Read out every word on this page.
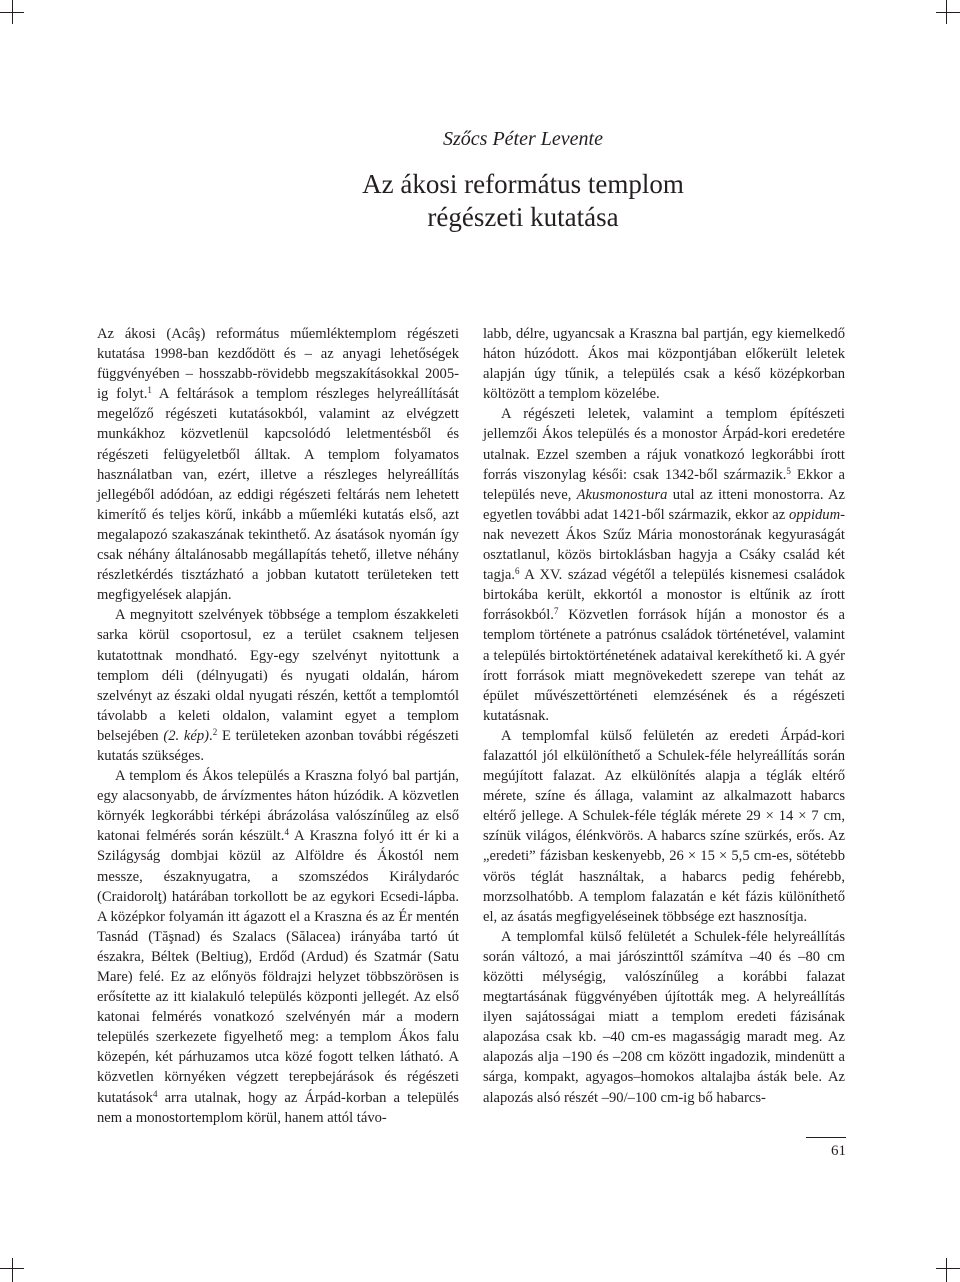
Szőcs Péter Levente
Az ákosi református templom
régészeti kutatása

Az ákosi (Acâş) református műemléktemplom régészeti kutatása 1998-ban kezdődött és – az anyagi lehetőségek függvényében – hosszabb-rövidebb megszakításokkal 2005-ig folyt.$^1$ A feltárások a templom részleges helyreállítását megelőző régészeti kutatásokból, valamint az elvégzett munkákhoz közvetlenül kapcsolódó leletmentésből és régészeti felügyeletből álltak. A templom folyamatos használatban van, ezért, illetve a részleges helyreállítás jellegéből adódóan, az eddigi régészeti feltárás nem lehetett kimerítő és teljes körű, inkább a műemléki kutatás első, azt megalapozó szakaszának tekinthető. Az ásatások nyomán így csak néhány általánosabb megállapítás tehető, illetve néhány részletkérdés tisztázható a jobban kutatott területeken tett megfigyelések alapján.

A megnyitott szelvények többsége a templom északkeleti sarka körül csoportosul, ez a terület csaknem teljesen kutatottnak mondható. Egy-egy szelvényt nyitottunk a templom déli (délnyugati) és nyugati oldalán, három szelvényt az északi oldal nyugati részén, kettőt a templomtól távolabb a keleti oldalon, valamint egyet a templom belsejében (2. kép).$^2$ E területeken azonban további régészeti kutatás szükséges.

A templom és Ákos település a Kraszna folyó bal partján, egy alacsonyabb, de árvízmentes háton húzódik. A közvetlen környék legkorábbi térképi ábrázolása valószínűleg az első katonai felmérés során készült.$^4$ A Kraszna folyó itt ér ki a Szilágyság dombjai közül az Alföldre és Ákostól nem messze, északnyugatra, a szomszédos Királydaróc (Craidorolţ) határában torkollott be az egykori Ecsedi-lápba. A középkor folyamán itt ágazott el a Kraszna és az Ér mentén Tasnád (Tăşnad) és Szalacs (Sălacea) irányába tartó út északra, Béltek (Beltiug), Erdőd (Ardud) és Szatmár (Satu Mare) felé. Ez az előnyös földrajzi helyzet többszörösen is erősítette az itt kialakuló település központi jellegét. Az első katonai felmérés vonatkozó szelvényén már a modern település szerkezete figyelhető meg: a templom Ákos falu közepén, két párhuzamos utca közé fogott telken látható. A közvetlen környéken végzett terepbejárások és régészeti kutatások$^4$ arra utalnak, hogy az Árpád-korban a település nem a monostortemplom körül, hanem attól távo-

labb, délre, ugyancsak a Kraszna bal partján, egy kiemelkedő háton húzódott. Ákos mai központjában előkerült leletek alapján úgy tűnik, a település csak a késő középkorban költözött a templom közelébe.

A régészeti leletek, valamint a templom építészeti jellemzői Ákos település és a monostor Árpád-kori eredetére utalnak. Ezzel szemben a rájuk vonatkozó legkorábbi írott forrás viszonylag késői: csak 1342-ből származik.$^5$ Ekkor a település neve, Akusmonostura utal az itteni monostorra. Az egyetlen további adat 1421-ből származik, ekkor az oppidum-nak nevezett Ákos Szűz Mária monostorának kegyuraságát osztatlanul, közös birtoklásban hagyja a Csáky család két tagja.$^6$ A XV. század végétől a település kisnemesi családok birtokába került, ekkortól a monostor is eltűnik az írott forrásokból.$^7$ Közvetlen források híján a monostor és a templom története a patrónus családok történetével, valamint a település birtoktörténetének adataival kerekíthető ki. A gyér írott források miatt megnövekedett szerepe van tehát az épület művészettörténeti elemzésének és a régészeti kutatásnak.

A templomfal külső felületén az eredeti Árpád-kori falazattól jól elkülöníthető a Schulek-féle helyreállítás során megújított falazat. Az elkülönítés alapja a téglák eltérő mérete, színe és állaga, valamint az alkalmazott habarcs eltérő jellege. A Schulek-féle téglák mérete 29 × 14 × 7 cm, színük világos, élénkvörös. A habarcs színe szürkés, erős. Az „eredeti” fázisban keskenyebb, 26 × 15 × 5,5 cm-es, sötétebb vörös téglát használtak, a habarcs pedig fehérebb, morzsolhatóbb. A templom falazatán e két fázis különíthető el, az ásatás megfigyeléseinek többsége ezt hasznosítja.

A templomfal külső felületét a Schulek-féle helyreállítás során változó, a mai járószinttől számítva –40 és –80 cm közötti mélységig, valószínűleg a korábbi falazat megtartásának függvényében újították meg. A helyreállítás ilyen sajátosságai miatt a templom eredeti fázisának alapozása csak kb. –40 cm-es magasságig maradt meg. Az alapozás alja –190 és –208 cm között ingadozik, mindenütt a sárga, kompakt, agyagos–homokos altalajba ásták bele. Az alapozás alsó részét –90/–100 cm-ig bő habarcs-

61
